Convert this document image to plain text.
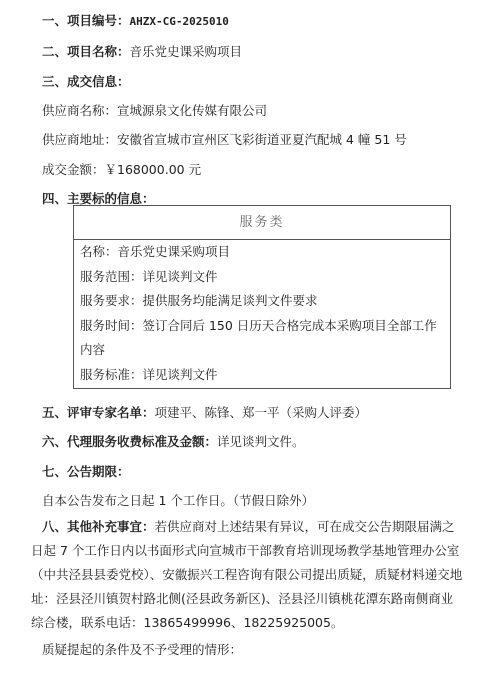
一、项目编号：AHZX-CG-2025010
二、项目名称：音乐党史课采购项目
三、成交信息：
供应商名称：宣城源泉文化传媒有限公司
供应商地址：安徽省宣城市宣州区飞彩街道亚夏汽配城 4 幢 51 号
成交金额：￥168000.00 元
四、主要标的信息：
服务类
名称：音乐党史课采购项目
服务范围：详见谈判文件
服务要求：提供服务均能满足谈判文件要求
服务时间：签订合同后 150 日历天合格完成本采购项目全部工作内容
服务标准：详见谈判文件
五、评审专家名单：项建平、陈锋、郑一平（采购人评委）
六、代理服务收费标准及金额：详见谈判文件。
七、公告期限：
自本公告发布之日起 1 个工作日。（节假日除外）
八、其他补充事宜：若供应商对上述结果有异议，可在成交公告期限届满之日起 7 个工作日内以书面形式向宣城市干部教育培训现场教学基地管理办公室（中共泾县县委党校）、安徽振兴工程咨询有限公司提出质疑，质疑材料递交地址：泾县泾川镇贺村路北侧(泾县政务新区)、泾县泾川镇桃花潭东路南侧商业综合楼，联系电话：13865499996、18225925005。
质疑提起的条件及不予受理的情形：
